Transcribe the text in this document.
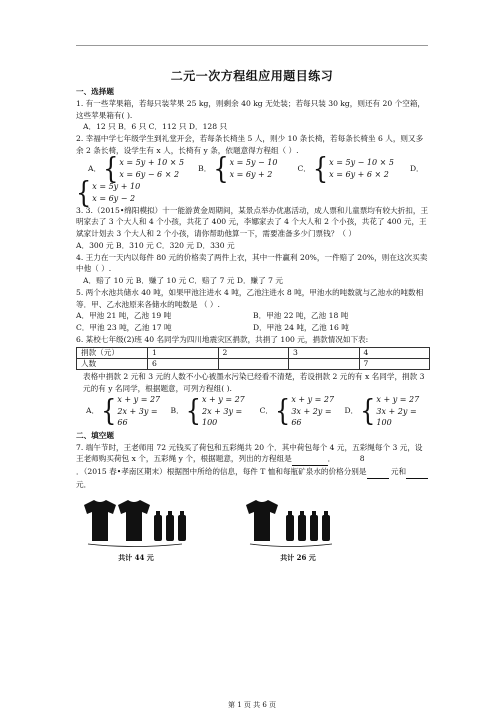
二元一次方程组应用题目练习

一、选择题

1. 有一些苹果箱，若每只装苹果 25 kg，则剩余 40 kg 无处装；若每只装 30 kg，则还有 20 个空箱，这些苹果箱有( ).

A．12 只 B．6 只 C．112 只 D．128 只

2. 幸福中学七年级学生到礼堂开会，若每条长椅坐 5 人，则少 10 条长椅，若每条长椅坐 6 人，则又多余 2 条长椅，设学生有 x 人，长椅有 y 条，依题意得方程组（ ）.

A． { x = 5y + 10 × 5
x = 6y − 6 × 2
B． { x = 5y − 10
x = 6y + 2
C． { x = 5y − 10 × 5
x = 6y + 6 × 2
D．
{ x = 5y + 10
x = 6y − 2

3. 3.（2015•绵阳模拟）十一能游黄金周期间，某景点举办优惠活动，成人票和儿童票均有较大折扣，王明家去了 3 个大人和 4 个小孩，共花了 400 元，李娜家去了 4 个大人和 2 个小孩，共花了 400 元，王斌家计划去 3 个大人和 2 个小孩，请你帮助他算一下，需要准备多少门票钱？（ ）

A．300 元 B．310 元 C．320 元 D．330 元

4. 王力在一天内以每件 80 元的价格卖了两件上衣，其中一件赢利 20%，一件赔了 20%，则在这次买卖中他（ ）.

A．赔了 10 元 B．赚了 10 元 C．赔了 7 元 D．赚了 7 元

5. 两个水池共储水 40 吨，如果甲池注进水 4 吨，乙池注进水 8 吨，甲池水的吨数就与乙池水的吨数相等．甲、乙水池原来各储水的吨数是 （ ）.

A．甲池 21 吨，乙池 19 吨	B．甲池 22 吨，乙池 18 吨
C．甲池 23 吨，乙池 17 吨	D．甲池 24 吨，乙池 16 吨

6. 某校七年级(2)班 40 名同学为四川地震灾区捐款，共捐了 100 元，捐款情况如下表:

捐款（元）	1	2	3	4
人数	6			7

表格中捐款 2 元和 3 元的人数不小心被墨水污染已经看不清楚，若设捐款 2 元的有 x 名同学，捐款 3 元的有 y 名同学，根据题意，可列方程组( ).

A． { x + y = 27
2x + 3y = 66
B． { x + y = 27
2x + 3y = 100
C． { x + y = 27
3x + 2y = 66
D． { x + y = 27
3x + 2y = 100

二、填空题

7. 端午节时，王老师用 72 元钱买了荷包和五彩绳共 20 个．其中荷包每个 4 元，五彩绳每个 3 元，设王老师购买荷包 x 个，五彩绳 y 个，根据题意，列出的方程组是	．	8

．（2015 春•孝南区期末）根据图中所给的信息，每件 T 恤和每瓶矿泉水的价格分别是	元和 元．

共计 44 元	共计 26 元
第 1 页 共 6 页
